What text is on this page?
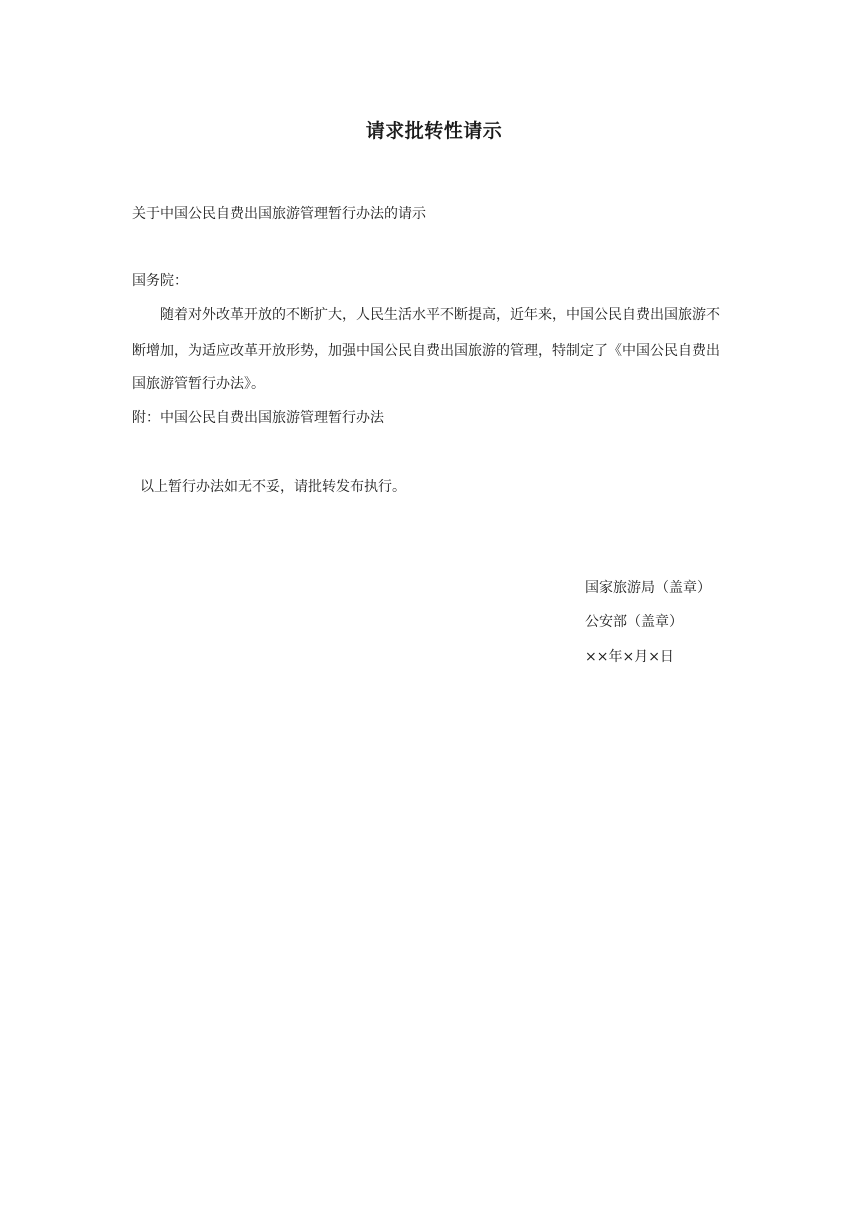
请求批转性请示
关于中国公民自费出国旅游管理暂行办法的请示
国务院：
随着对外改革开放的不断扩大，人民生活水平不断提高，近年来，中国公民自费出国旅游不
断增加，为适应改革开放形势，加强中国公民自费出国旅游的管理，特制定了《中国公民自费出
国旅游管暂行办法》。
附：中国公民自费出国旅游管理暂行办法
以上暂行办法如无不妥，请批转发布执行。
国家旅游局（盖章）
公安部（盖章）
××年×月×日
